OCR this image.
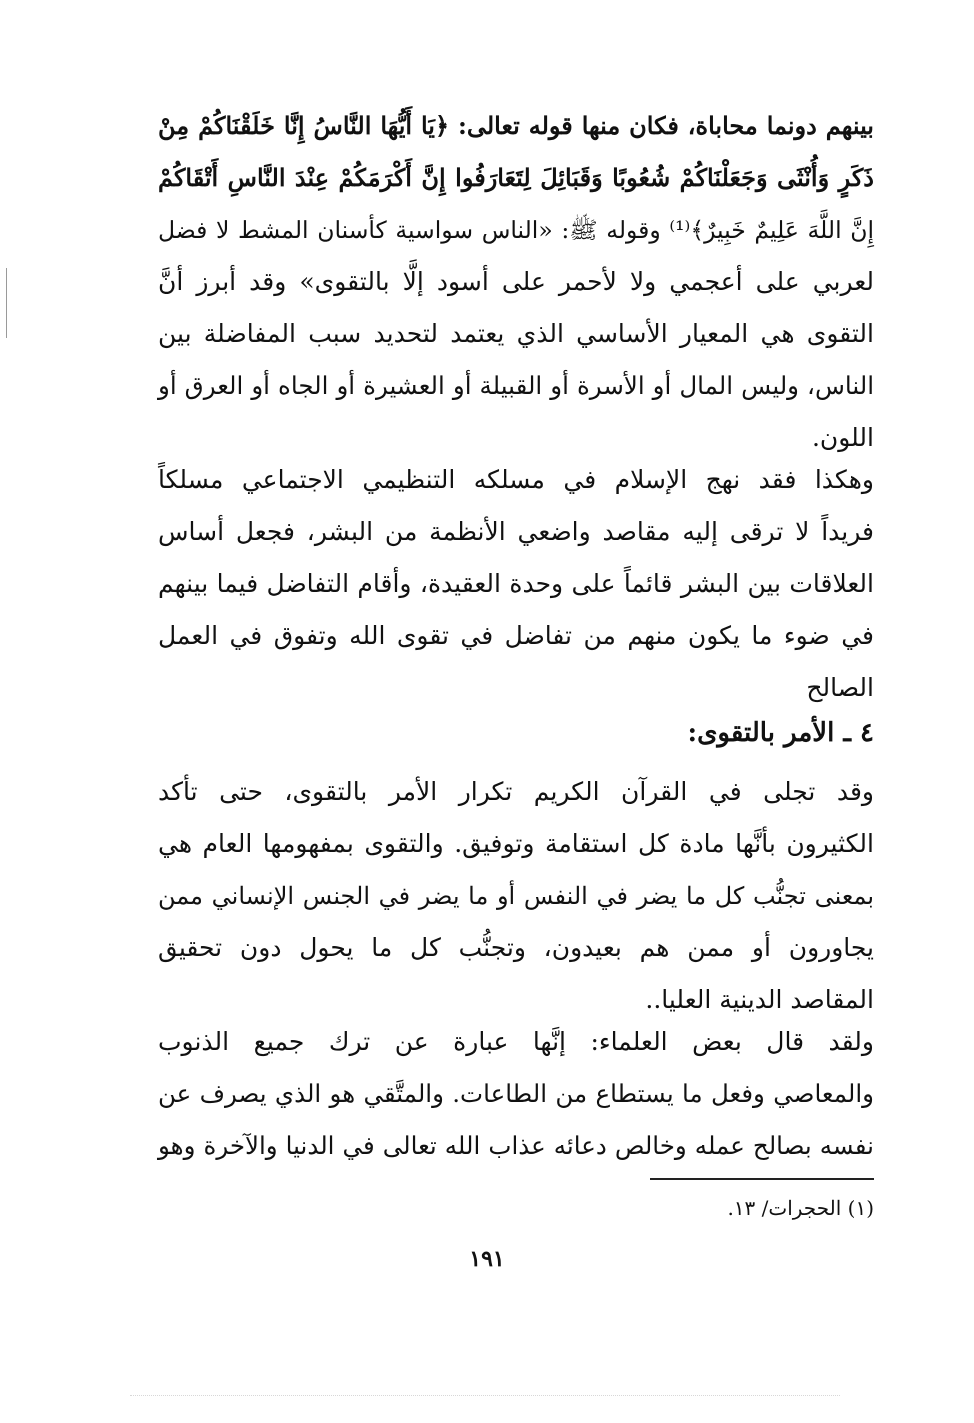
بينهم دونما محاباة، فكان منها قوله تعالى: ﴿يَا أَيُّهَا النَّاسُ إِنَّا خَلَقْنَاكُمْ مِنْ
ذَكَرٍ وَأُنْثَى وَجَعَلْنَاكُمْ شُعُوبًا وَقَبَائِلَ لِتَعَارَفُوا إِنَّ أَكْرَمَكُمْ عِنْدَ النَّاسِ أَتْقَاكُمْ
إِنَّ اللَّهَ عَلِيمٌ خَبِيرٌ﴾⁽¹⁾ وقوله ﷺ: «الناس سواسية كأسنان المشط لا فضل
لعربي على أعجمي ولا لأحمر على أسود إلَّا بالتقوى» وقد أبرز أنَّ
التقوى هي المعيار الأساسي الذي يعتمد لتحديد سبب المفاضلة بين
الناس، وليس المال أو الأسرة أو القبيلة أو العشيرة أو الجاه أو العرق أو
اللون.
وهكذا فقد نهج الإسلام في مسلكه التنظيمي الاجتماعي مسلكاً
فريداً لا ترقى إليه مقاصد واضعي الأنظمة من البشر، فجعل أساس
العلاقات بين البشر قائماً على وحدة العقيدة، وأقام التفاضل فيما بينهم
في ضوء ما يكون منهم من تفاضل في تقوى الله وتفوق في العمل
الصالح
٤ ـ الأمر بالتقوى:
وقد تجلى في القرآن الكريم تكرار الأمر بالتقوى، حتى تأكد
الكثيرون بأنَّها مادة كل استقامة وتوفيق. والتقوى بمفهومها العام هي
بمعنى تجنُّب كل ما يضر في النفس أو ما يضر في الجنس الإنساني ممن
يجاورون أو ممن هم بعيدون، وتجنُّب كل ما يحول دون تحقيق
المقاصد الدينية العليا..
ولقد قال بعض العلماء: إنَّها عبارة عن ترك جميع الذنوب
والمعاصي وفعل ما يستطاع من الطاعات. والمتَّقي هو الذي يصرف عن
نفسه بصالح عمله وخالص دعائه عذاب الله تعالى في الدنيا والآخرة وهو
(١) الحجرات/ ١٣.
١٩١
